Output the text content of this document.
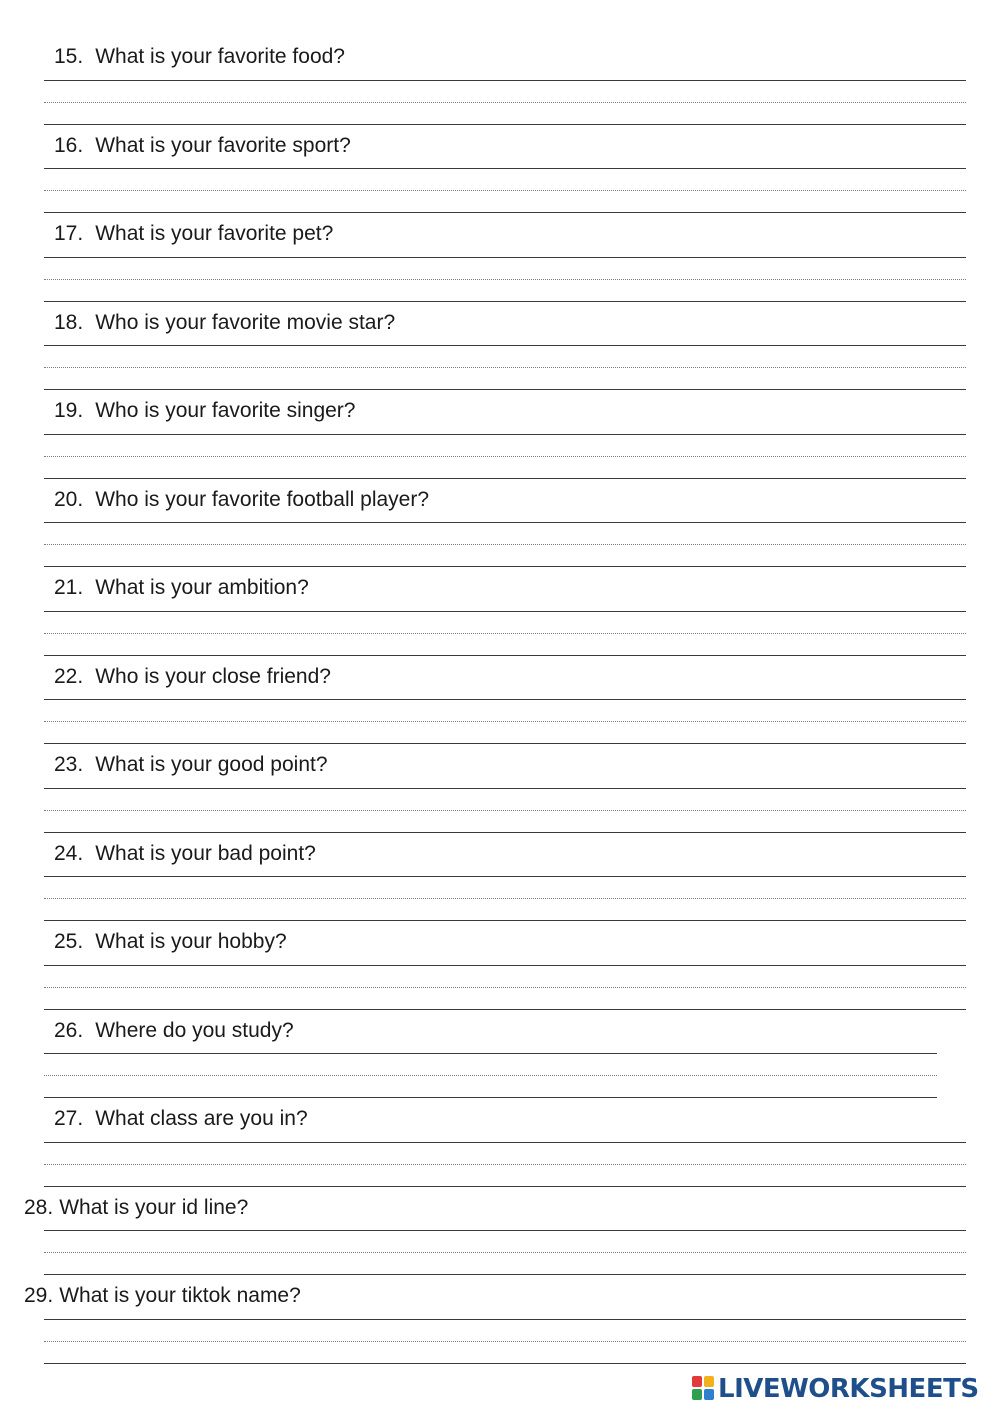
15. What is your favorite food?
16. What is your favorite sport?
17. What is your favorite pet?
18. Who is your favorite movie star?
19. Who is your favorite singer?
20. Who is your favorite football player?
21. What is your ambition?
22. Who is your close friend?
23. What is your good point?
24. What is your bad point?
25. What is your hobby?
26. Where do you study?
27. What class are you in?
28. What is your id line?
29. What is your tiktok name?
LIVEWORKSHEETS
